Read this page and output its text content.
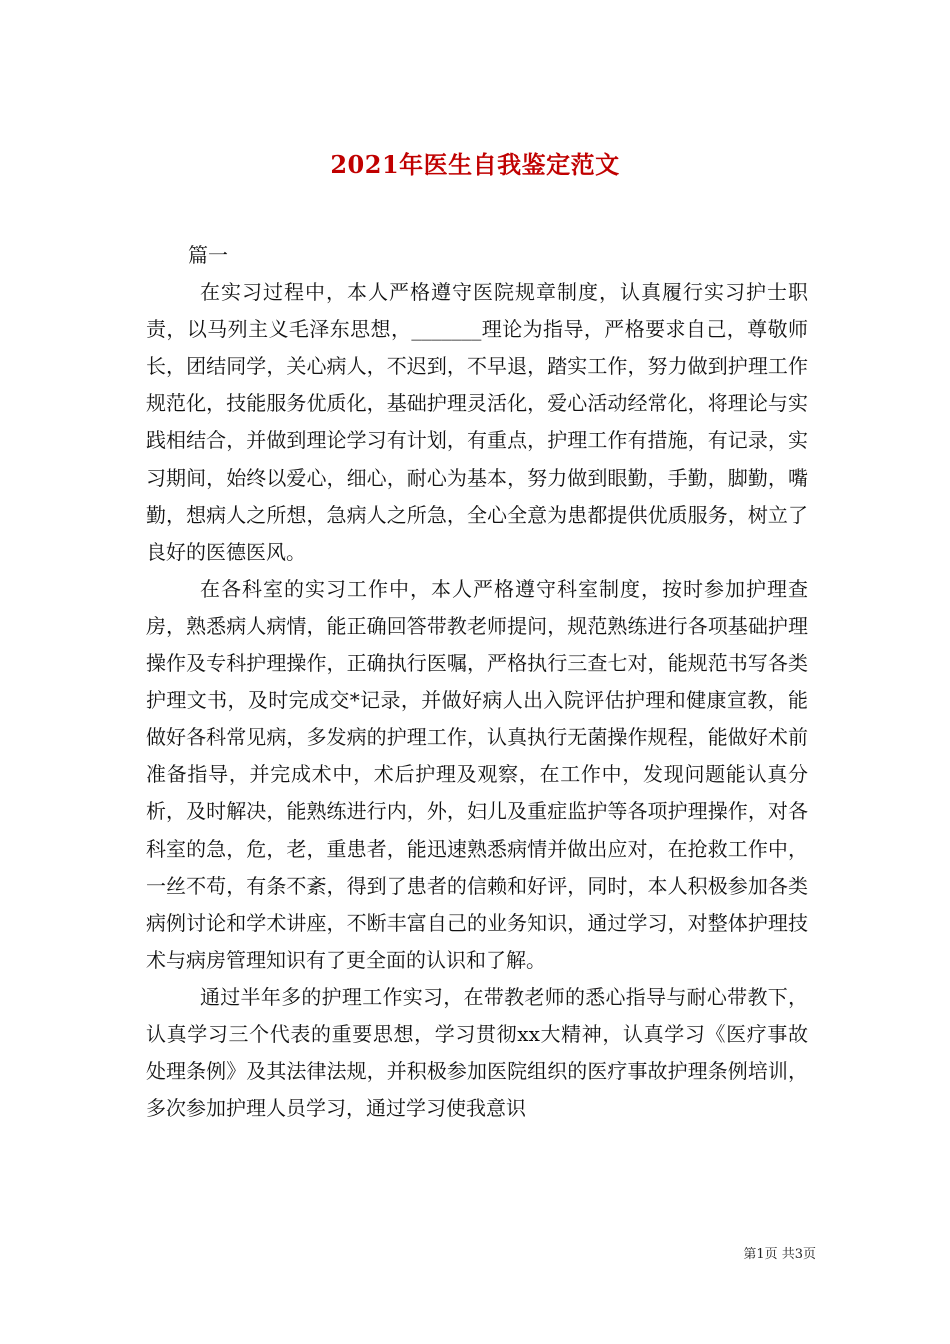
2021年医生自我鉴定范文

篇一

在实习过程中，本人严格遵守医院规章制度，认真履行实习护士职责，以马列主义毛泽东思想，_______理论为指导，严格要求自己，尊敬师长，团结同学，关心病人，不迟到，不早退，踏实工作，努力做到护理工作规范化，技能服务优质化，基础护理灵活化，爱心活动经常化，将理论与实践相结合，并做到理论学习有计划，有重点，护理工作有措施，有记录，实习期间，始终以爱心，细心，耐心为基本，努力做到眼勤，手勤，脚勤，嘴勤，想病人之所想，急病人之所急，全心全意为患都提供优质服务，树立了良好的医德医风。

在各科室的实习工作中，本人严格遵守科室制度，按时参加护理查房，熟悉病人病情，能正确回答带教老师提问，规范熟练进行各项基础护理操作及专科护理操作，正确执行医嘱，严格执行三查七对，能规范书写各类护理文书，及时完成交*记录，并做好病人出入院评估护理和健康宣教，能做好各科常见病，多发病的护理工作，认真执行无菌操作规程，能做好术前准备指导，并完成术中，术后护理及观察，在工作中，发现问题能认真分析，及时解决，能熟练进行内，外，妇儿及重症监护等各项护理操作，对各科室的急，危，老，重患者，能迅速熟悉病情并做出应对，在抢救工作中，一丝不苟，有条不紊，得到了患者的信赖和好评，同时，本人积极参加各类病例讨论和学术讲座，不断丰富自己的业务知识，通过学习，对整体护理技术与病房管理知识有了更全面的认识和了解。

通过半年多的护理工作实习，在带教老师的悉心指导与耐心带教下，认真学习三个代表的重要思想，学习贯彻xx大精神，认真学习《医疗事故处理条例》及其法律法规，并积极参加医院组织的医疗事故护理条例培训，多次参加护理人员学习，通过学习使我意识

第1页 共3页
